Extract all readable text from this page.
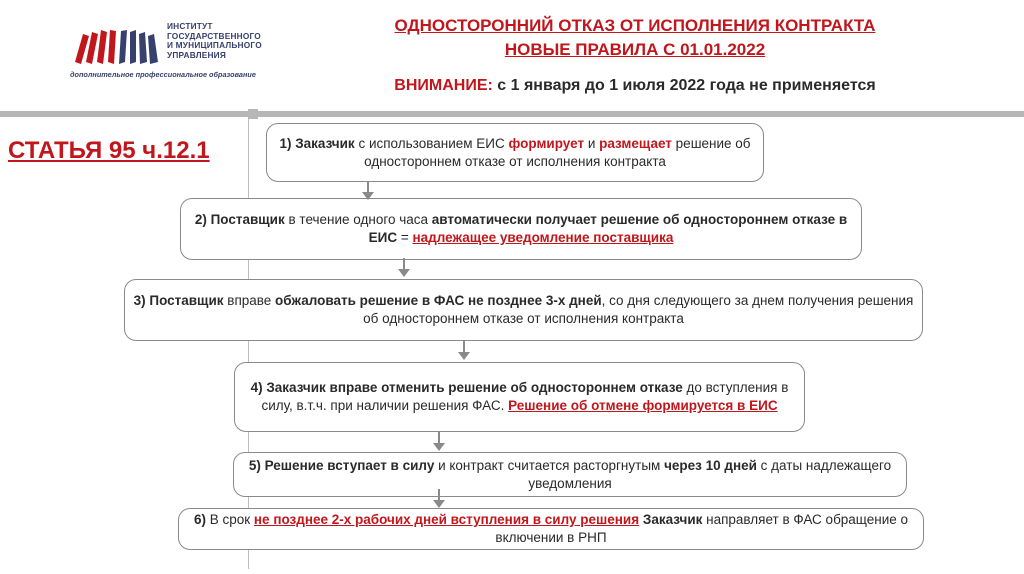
ИНСТИТУТ
ГОСУДАРСТВЕННОГО
И МУНИЦИПАЛЬНОГО
УПРАВЛЕНИЯ
дополнительное профессиональное образование
ОДНОСТОРОННИЙ ОТКАЗ ОТ ИСПОЛНЕНИЯ КОНТРАКТА
НОВЫЕ ПРАВИЛА С 01.01.2022
ВНИМАНИЕ: с 1 января до 1 июля 2022 года не применяется
СТАТЬЯ 95 ч.12.1	1) Заказчик с использованием ЕИС формирует и размещает решение об одностороннем отказе от исполнения контракта
2) Поставщик в течение одного часа автоматически получает решение об одностороннем отказе в ЕИС = надлежащее уведомление поставщика
3) Поставщик вправе обжаловать решение в ФАС не позднее 3-х дней, со дня следующего за днем получения решения об одностороннем отказе от исполнения контракта
4) Заказчик вправе отменить решение об одностороннем отказе до вступления в силу, в.т.ч. при наличии решения ФАС. Решение об отмене формируется в ЕИС
5) Решение вступает в силу и контракт считается расторгнутым через 10 дней с даты надлежащего уведомления
6) В срок не позднее 2-х рабочих дней вступления в силу решения Заказчик направляет в ФАС обращение о включении в РНП
